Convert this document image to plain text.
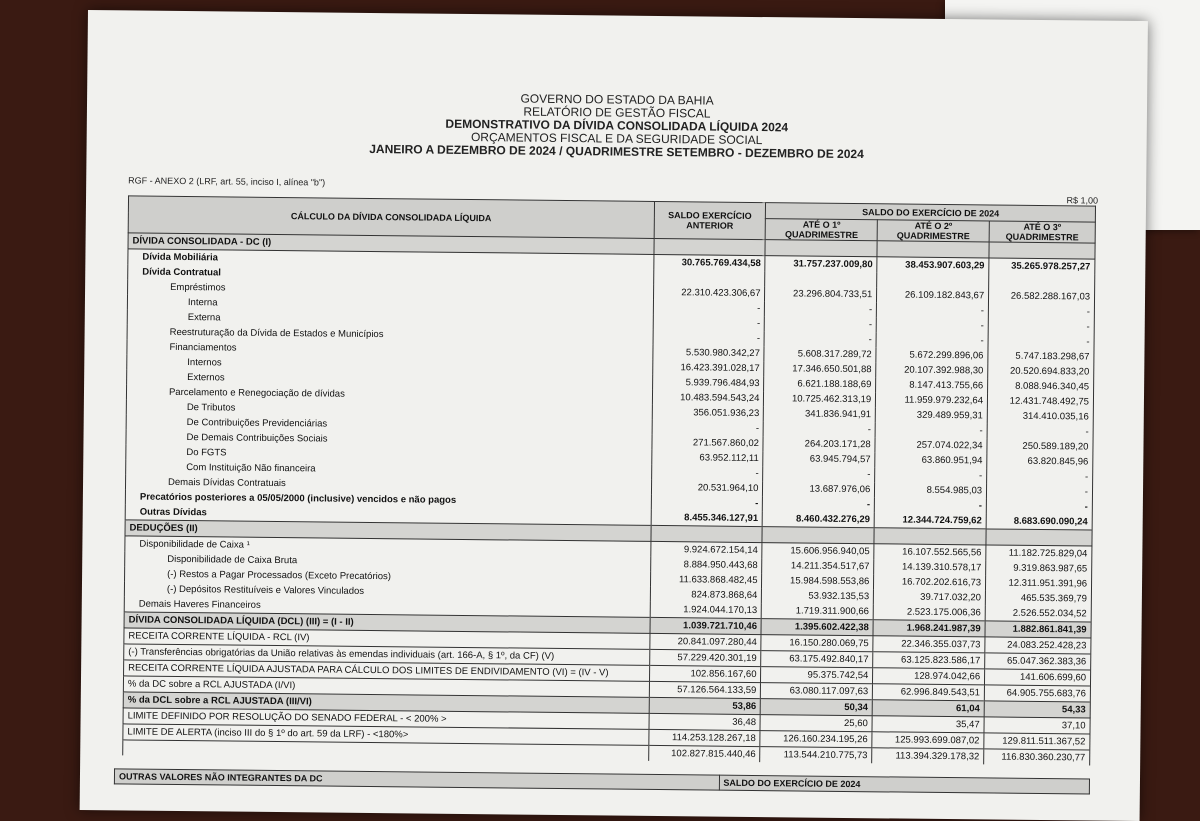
GOVERNO DO ESTADO DA BAHIA
RELATÓRIO DE GESTÃO FISCAL
DEMONSTRATIVO DA DÍVIDA CONSOLIDADA LÍQUIDA 2024
ORÇAMENTOS FISCAL E DA SEGURIDADE SOCIAL
JANEIRO A DEZEMBRO DE 2024 / QUADRIMESTRE SETEMBRO - DEZEMBRO DE 2024
RGF - ANEXO 2 (LRF, art. 55, inciso I, alínea "b")
R$ 1,00
CÁLCULO DA DÍVIDA CONSOLIDADA LÍQUIDA	SALDO EXERCÍCIO ANTERIOR	SALDO DO EXERCÍCIO DE 2024		
		ATÉ O 1º QUADRIMESTRE	ATÉ O 2º QUADRIMESTRE	ATÉ O 3º QUADRIMESTRE
DÍVIDA CONSOLIDADA - DC (I)				
Dívida Mobiliária	30.765.769.434,58	31.757.237.009,80	38.453.907.603,29	35.265.978.257,27
Dívida Contratual				
Empréstimos	22.310.423.306,67	23.296.804.733,51	26.109.182.843,67	26.582.288.167,03
Interna	-	-	-	-
Externa	-	-	-	-
Reestruturação da Dívida de Estados e Municípios	-	-	-	-
Financiamentos	5.530.980.342,27	5.608.317.289,72	5.672.299.896,06	5.747.183.298,67
Internos	16.423.391.028,17	17.346.650.501,88	20.107.392.988,30	20.520.694.833,20
Externos	5.939.796.484,93	6.621.188.188,69	8.147.413.755,66	8.088.946.340,45
Parcelamento e Renegociação de dívidas	10.483.594.543,24	10.725.462.313,19	11.959.979.232,64	12.431.748.492,75
De Tributos	356.051.936,23	341.836.941,91	329.489.959,31	314.410.035,16
De Contribuições Previdenciárias	-	-	-	-
De Demais Contribuições Sociais	271.567.860,02	264.203.171,28	257.074.022,34	250.589.189,20
Do FGTS	63.952.112,11	63.945.794,57	63.860.951,94	63.820.845,96
Com Instituição Não financeira	-	-	-	-
Demais Dívidas Contratuais	20.531.964,10	13.687.976,06	8.554.985,03	-
Precatórios posteriores a 05/05/2000 (inclusive) vencidos e não pagos	-	-	-	-
Outras Dívidas	8.455.346.127,91	8.460.432.276,29	12.344.724.759,62	8.683.690.090,24
DEDUÇÕES (II)				
Disponibilidade de Caixa ¹	9.924.672.154,14	15.606.956.940,05	16.107.552.565,56	11.182.725.829,04
Disponibilidade de Caixa Bruta	8.884.950.443,68	14.211.354.517,67	14.139.310.578,17	9.319.863.987,65
(-) Restos a Pagar Processados (Exceto Precatórios)	11.633.868.482,45	15.984.598.553,86	16.702.202.616,73	12.311.951.391,96
(-) Depósitos Restituíveis e Valores Vinculados	824.873.868,64	53.932.135,53	39.717.032,20	465.535.369,79
Demais Haveres Financeiros	1.924.044.170,13	1.719.311.900,66	2.523.175.006,36	2.526.552.034,52
DÍVIDA CONSOLIDADA LÍQUIDA (DCL) (III) = (I - II)	1.039.721.710,46	1.395.602.422,38	1.968.241.987,39	1.882.861.841,39
RECEITA CORRENTE LÍQUIDA - RCL (IV)	20.841.097.280,44	16.150.280.069,75	22.346.355.037,73	24.083.252.428,23
(-) Transferências obrigatórias da União relativas às emendas individuais (art. 166-A, § 1º, da CF) (V)	57.229.420.301,19	63.175.492.840,17	63.125.823.586,17	65.047.362.383,36
RECEITA CORRENTE LÍQUIDA AJUSTADA PARA CÁLCULO DOS LIMITES DE ENDIVIDAMENTO (VI) = (IV - V)	102.856.167,60	95.375.742,54	128.974.042,66	141.606.699,60
% da DC sobre a RCL AJUSTADA (I/VI)	57.126.564.133,59	63.080.117.097,63	62.996.849.543,51	64.905.755.683,76
% da DCL sobre a RCL AJUSTADA (III/VI)	53,86	50,34	61,04	54,33
LIMITE DEFINIDO POR RESOLUÇÃO DO SENADO FEDERAL - < 200% >	36,48	25,60	35,47	37,10
LIMITE DE ALERTA (inciso III do § 1º do art. 59 da LRF) - <180%>	114.253.128.267,18	126.160.234.195,26	125.993.699.087,02	129.811.511.367,52
	102.827.815.440,46	113.544.210.775,73	113.394.329.178,32	116.830.360.230,77
OUTRAS VALORES NÃO INTEGRANTES DA DC	SALDO DO EXERCÍCIO DE 2024
